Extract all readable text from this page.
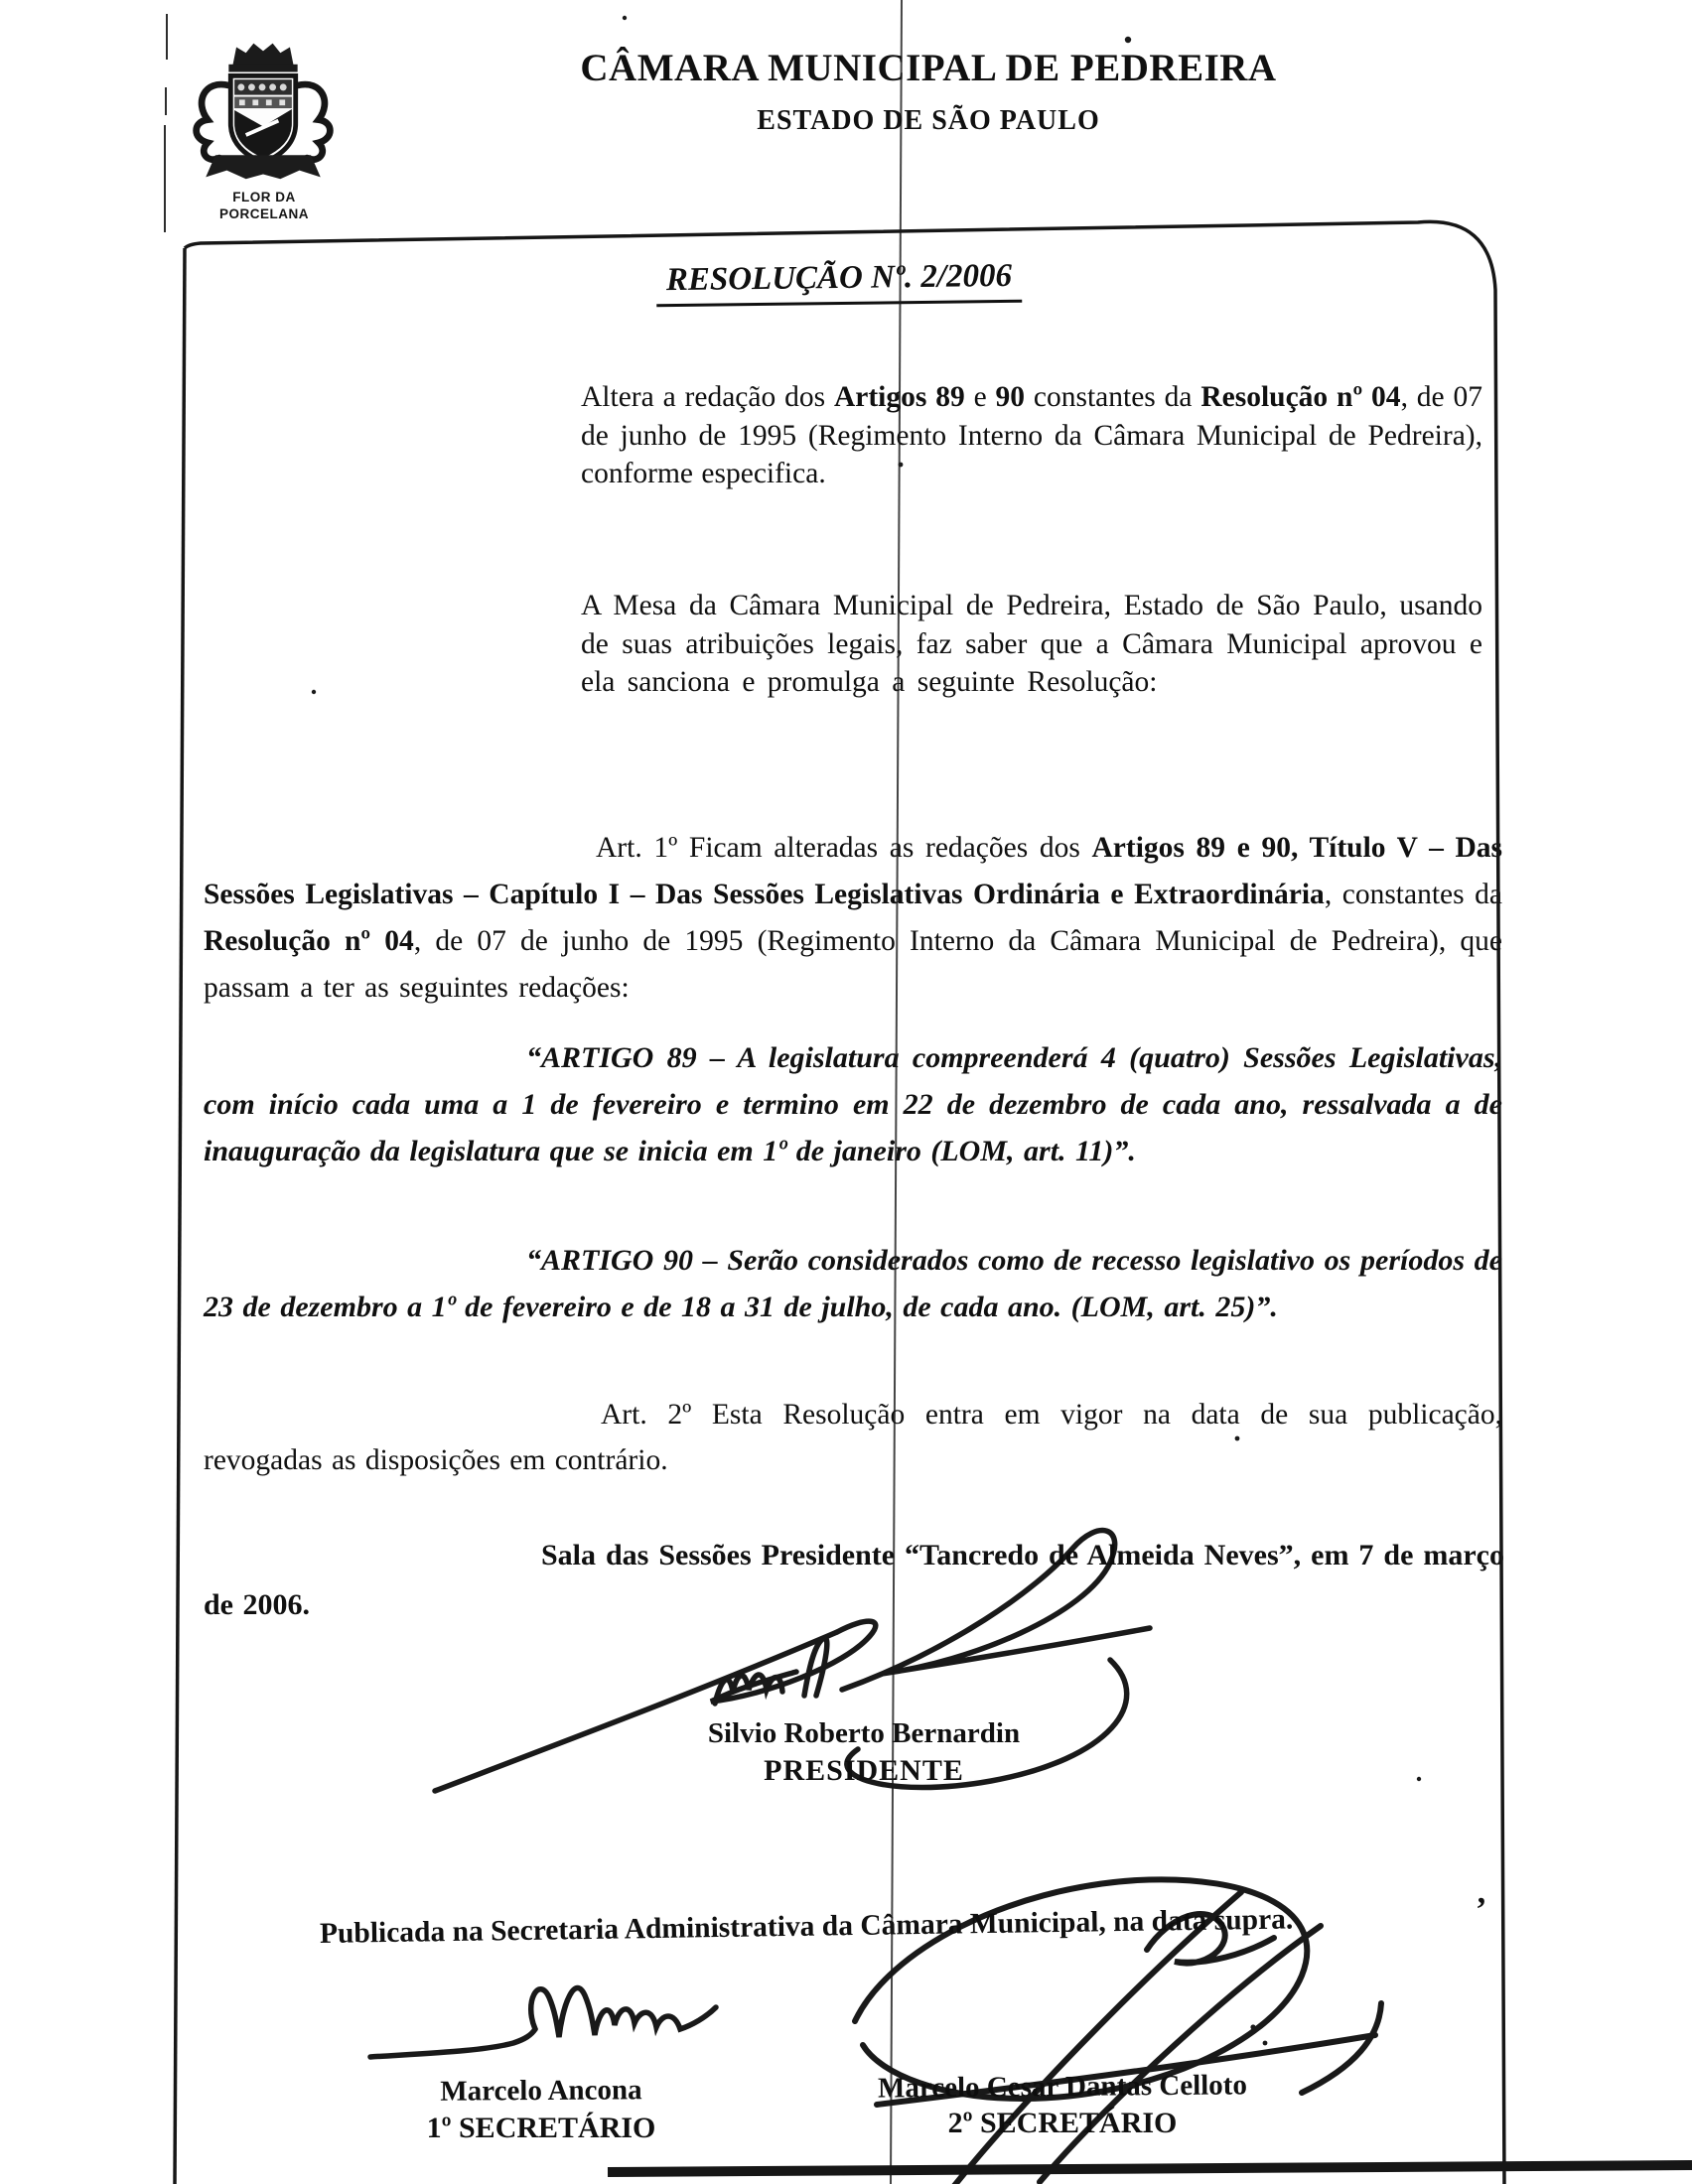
FLOR DA
PORCELANA

CÂMARA MUNICIPAL DE PEDREIRA
ESTADO DE SÃO PAULO

RESOLUÇÃO Nº. 2/2006

Altera a redação dos Artigos 89 e 90 constantes da Resolução nº 04, de 07 de junho de 1995 (Regimento Interno da Câmara Municipal de Pedreira), conforme especifica.

A Mesa da Câmara Municipal de Pedreira, Estado de São Paulo, usando de suas atribuições legais, faz saber que a Câmara Municipal aprovou e ela sanciona e promulga a seguinte Resolução:

Art. 1º Ficam alteradas as redações dos Artigos 89 e 90, Título V – Das Sessões Legislativas – Capítulo I – Das Sessões Legislativas Ordinária e Extraordinária, constantes da Resolução nº 04, de 07 de junho de 1995 (Regimento Interno da Câmara Municipal de Pedreira), que passam a ter as seguintes redações:

“ARTIGO 89 – A legislatura compreenderá 4 (quatro) Sessões Legislativas, com início cada uma a 1 de fevereiro e termino em 22 de dezembro de cada ano, ressalvada a de inauguração da legislatura que se inicia em 1º de janeiro (LOM, art. 11)”.

“ARTIGO 90 – Serão considerados como de recesso legislativo os períodos de 23 de dezembro a 1º de fevereiro e de 18 a 31 de julho, de cada ano. (LOM, art. 25)”.

Art. 2º Esta Resolução entra em vigor na data de sua publicação, revogadas as disposições em contrário.

Sala das Sessões Presidente “Tancredo de Almeida Neves”, em 7 de março de 2006.

Silvio Roberto Bernardin

PRESIDENTE

Publicada na Secretaria Administrativa da Câmara Municipal, na data supra.	’

Marcelo Ancona

1º SECRETÁRIO

Marcelo Cesar Dantas Celloto

2º SECRETÁRIO
